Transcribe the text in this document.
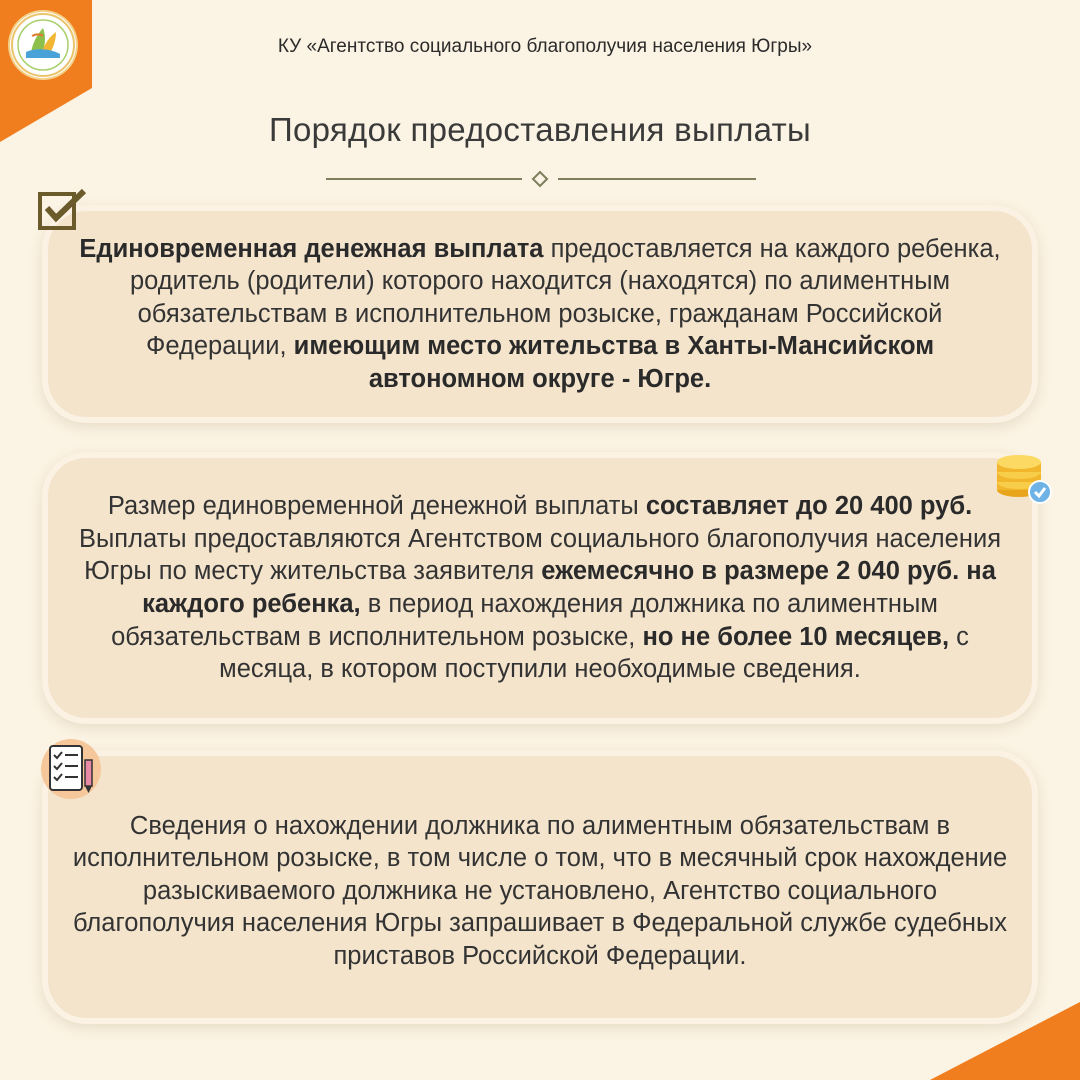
КУ «Агентство социального благополучия населения Югры»
Порядок предоставления выплаты

Единовременная денежная выплата предоставляется на каждого ребенка, родитель (родители) которого находится (находятся) по алиментным обязательствам в исполнительном розыске, гражданам Российской Федерации, имеющим место жительства в Ханты-Мансийском автономном округе - Югре.

Размер единовременной денежной выплаты составляет до 20 400 руб. Выплаты предоставляются Агентством социального благополучия населения Югры по месту жительства заявителя ежемесячно в размере 2 040 руб. на каждого ребенка, в период нахождения должника по алиментным обязательствам в исполнительном розыске, но не более 10 месяцев, с месяца, в котором поступили необходимые сведения.

Сведения о нахождении должника по алиментным обязательствам в исполнительном розыске, в том числе о том, что в месячный срок нахождение разыскиваемого должника не установлено, Агентство социального благополучия населения Югры запрашивает в Федеральной службе судебных приставов Российской Федерации.
